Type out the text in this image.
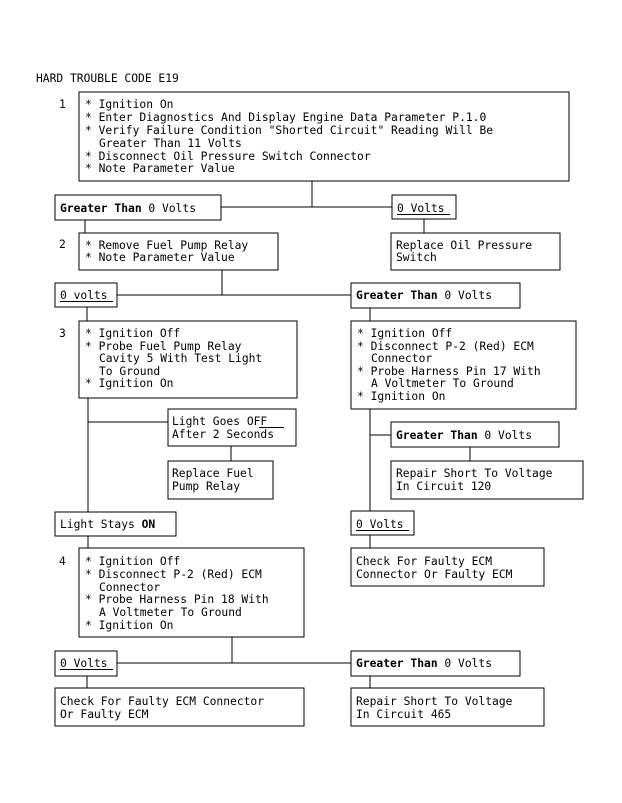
HARD TROUBLE CODE E19
1 * Ignition On
* Enter Diagnostics And Display Engine Data Parameter P.1.0
* Verify Failure Condition "Shorted Circuit" Reading Will Be
Greater Than 11 Volts
* Disconnect Oil Pressure Switch Connector
* Note Parameter Value
Greater Than 0 Volts	0 Volts
Replace Oil Pressure
Switch
2 * Remove Fuel Pump Relay
* Note Parameter Value
0 volts	Greater Than 0 Volts
3 * Ignition Off
* Probe Fuel Pump Relay
Cavity 5 With Test Light
To Ground
* Ignition On
* Ignition Off
* Disconnect P-2 (Red) ECM
Connector
* Probe Harness Pin 17 With
A Voltmeter To Ground
* Ignition On
Light Goes OFF
After 2 Seconds
Replace Fuel
Pump Relay
Greater Than 0 Volts
Repair Short To Voltage
In Circuit 120
Light Stays ON	0 Volts
Check For Faulty ECM
Connector Or Faulty ECM
4 * Ignition Off
* Disconnect P-2 (Red) ECM
Connector
* Probe Harness Pin 18 With
A Voltmeter To Ground
* Ignition On
0 Volts	Greater Than 0 Volts
Check For Faulty ECM Connector
Or Faulty ECM
Repair Short To Voltage
In Circuit 465
